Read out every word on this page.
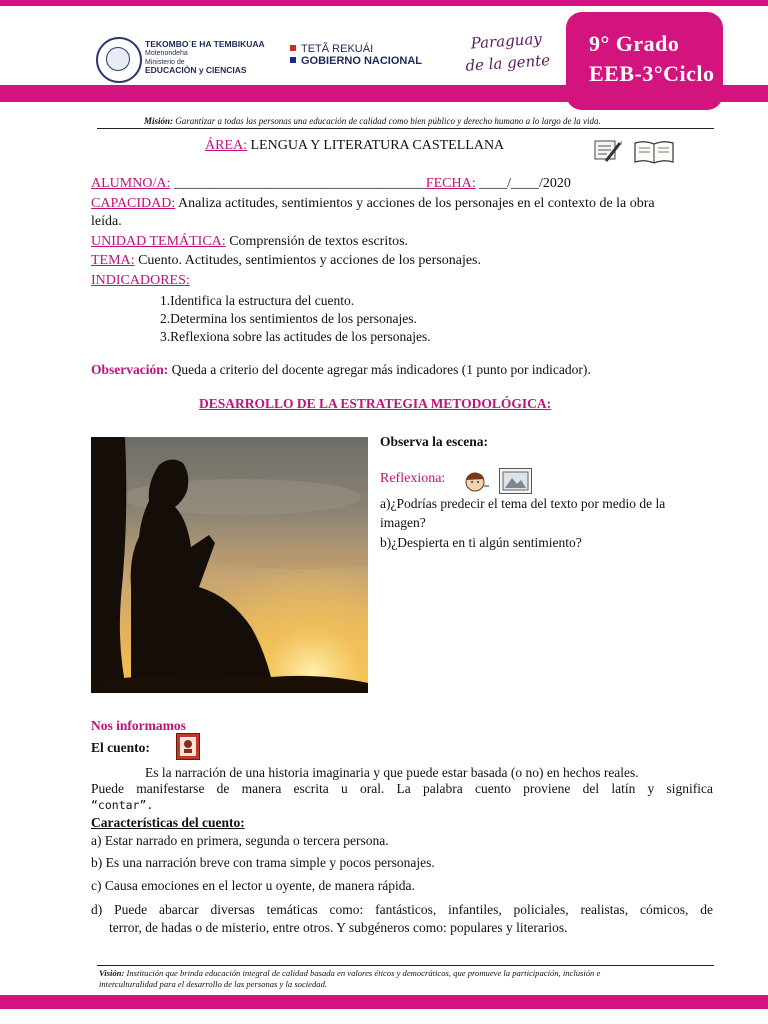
TEKOMBO´E HA TEMBIKUAA
Motenondeha
Ministerio de
EDUCACIÓN y CIENCIAS
TETÃ REKUÁI
GOBIERNO NACIONAL
Paraguay
de la gente
9° Grado
EEB-3°Ciclo
Misión: Garantizar a todas las personas una educación de calidad como bien público y derecho humano a lo largo de la vida.
ÁREA: LENGUA Y LITERATURA CASTELLANA
ALUMNO/A: ____________________________________FECHA: ____/____/2020
CAPACIDAD: Analiza actitudes, sentimientos y acciones de los personajes en el contexto de la obra
leída.
UNIDAD TEMÁTICA: Comprensión de textos escritos.
TEMA: Cuento. Actitudes, sentimientos y acciones de los personajes.
INDICADORES:
1.Identifica la estructura del cuento.
2.Determina los sentimientos de los personajes.
3.Reflexiona sobre las actitudes de los personajes.
Observación: Queda a criterio del docente agregar más indicadores (1 punto por indicador).
DESARROLLO DE LA ESTRATEGIA METODOLÓGICA:
Observa la escena:
Reflexiona:
a)¿Podrías predecir el tema del texto por medio de la
imagen?
b)¿Despierta en ti algún sentimiento?
Nos informamos
El cuento:
Es la narración de una historia imaginaria y que puede estar basada (o no) en hechos reales.
Puede manifestarse de manera escrita u oral. La palabra cuento proviene del latín y significa
“contar”.
Características del cuento:
a) Estar narrado en primera, segunda o tercera persona.
b) Es una narración breve con trama simple y pocos personajes.
c) Causa emociones en el lector u oyente, de manera rápida.
d) Puede abarcar diversas temáticas como: fantásticos, infantiles, policiales, realistas, cómicos, de
terror, de hadas o de misterio, entre otros. Y subgéneros como: populares y literarios.
Visión: Institución que brinda educación integral de calidad basada en valores éticos y democráticos, que promueve la participación, inclusión e
interculturalidad para el desarrollo de las personas y la sociedad.
